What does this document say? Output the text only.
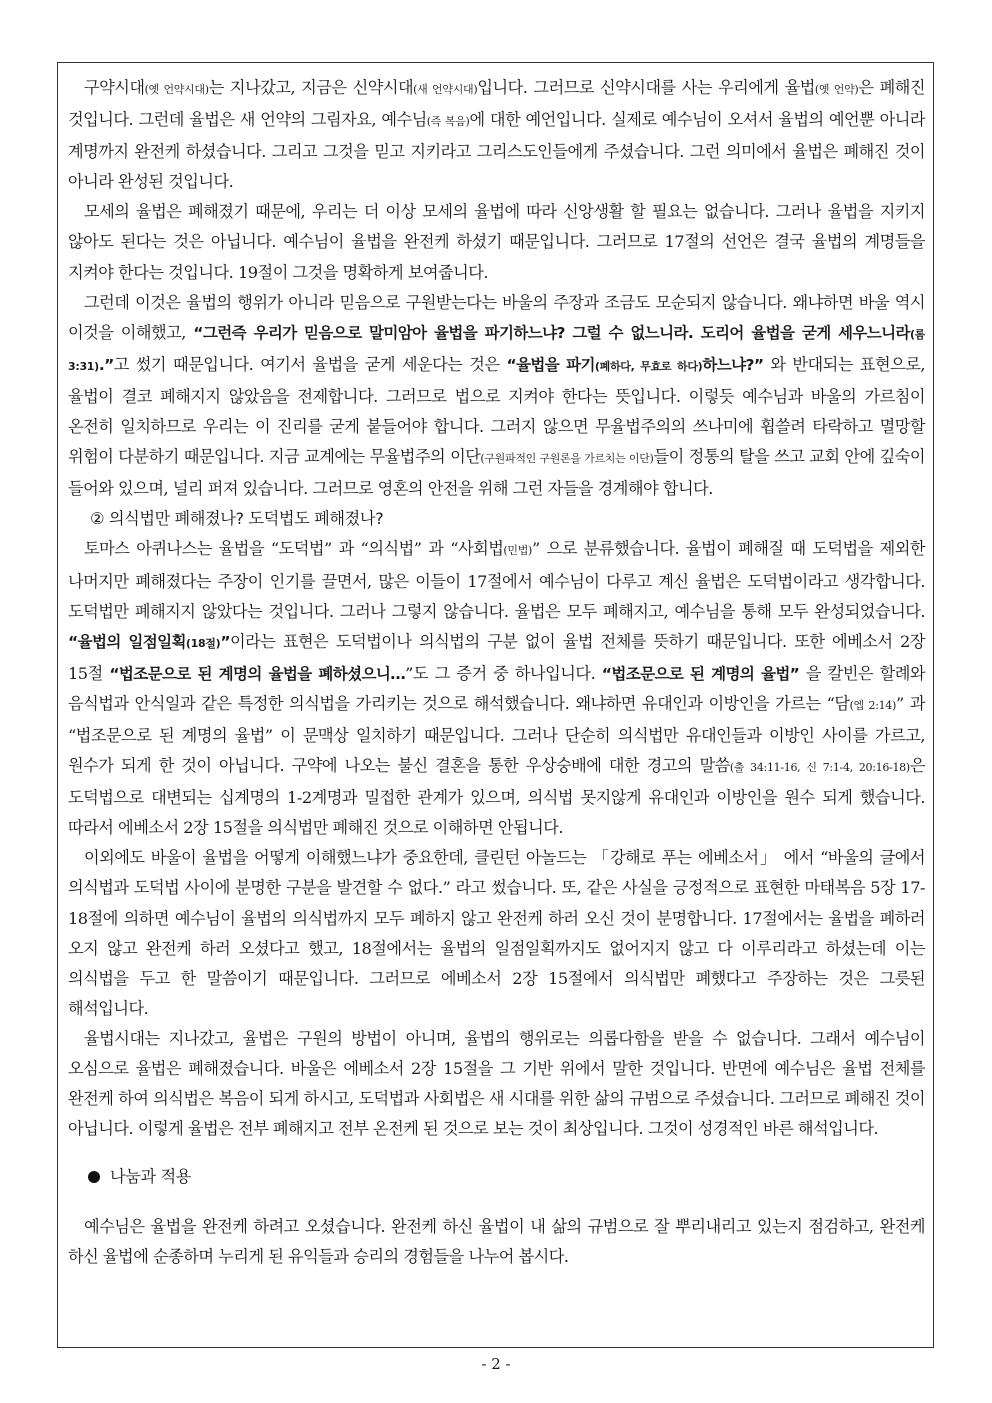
구약시대(옛 언약시대)는 지나갔고, 지금은 신약시대(새 언약시대)입니다. 그러므로 신약시대를 사는 우리에게 율법(옛 언약)은 폐해진 것입니다. 그런데 율법은 새 언약의 그림자요, 예수님(즉 복음)에 대한 예언입니다. 실제로 예수님이 오셔서 율법의 예언뿐 아니라 계명까지 완전케 하셨습니다. 그리고 그것을 믿고 지키라고 그리스도인들에게 주셨습니다. 그런 의미에서 율법은 폐해진 것이 아니라 완성된 것입니다.

모세의 율법은 폐해졌기 때문에, 우리는 더 이상 모세의 율법에 따라 신앙생활 할 필요는 없습니다. 그러나 율법을 지키지 않아도 된다는 것은 아닙니다. 예수님이 율법을 완전케 하셨기 때문입니다. 그러므로 17절의 선언은 결국 율법의 계명들을 지켜야 한다는 것입니다. 19절이 그것을 명확하게 보여줍니다.

그런데 이것은 율법의 행위가 아니라 믿음으로 구원받는다는 바울의 주장과 조금도 모순되지 않습니다. 왜냐하면 바울 역시 이것을 이해했고, “그런즉 우리가 믿음으로 말미암아 율법을 파기하느냐? 그럴 수 없느니라. 도리어 율법을 굳게 세우느니라(롬 3:31).”고 썼기 때문입니다. 여기서 율법을 굳게 세운다는 것은 “율법을 파기(폐하다, 무효로 하다)하느냐?” 와 반대되는 표현으로, 율법이 결코 폐해지지 않았음을 전제합니다. 그러므로 법으로 지켜야 한다는 뜻입니다. 이렇듯 예수님과 바울의 가르침이 온전히 일치하므로 우리는 이 진리를 굳게 붙들어야 합니다. 그러지 않으면 무율법주의의 쓰나미에 휩쓸려 타락하고 멸망할 위험이 다분하기 때문입니다. 지금 교계에는 무율법주의 이단(구원파적인 구원론을 가르치는 이단)들이 정통의 탈을 쓰고 교회 안에 깊숙이 들어와 있으며, 널리 퍼져 있습니다. 그러므로 영혼의 안전을 위해 그런 자들을 경계해야 합니다.

② 의식법만 폐해졌나? 도덕법도 폐해졌나?

토마스 아퀴나스는 율법을 “도덕법” 과 “의식법” 과 “사회법(민법)” 으로 분류했습니다. 율법이 폐해질 때 도덕법을 제외한 나머지만 폐해졌다는 주장이 인기를 끌면서, 많은 이들이 17절에서 예수님이 다루고 계신 율법은 도덕법이라고 생각합니다. 도덕법만 폐해지지 않았다는 것입니다. 그러나 그렇지 않습니다. 율법은 모두 폐해지고, 예수님을 통해 모두 완성되었습니다. “율법의 일점일획(18절)”이라는 표현은 도덕법이나 의식법의 구분 없이 율법 전체를 뜻하기 때문입니다. 또한 에베소서 2장 15절 “법조문으로 된 계명의 율법을 폐하셨으니…”도 그 증거 중 하나입니다. “법조문으로 된 계명의 율법” 을 칼빈은 할례와 음식법과 안식일과 같은 특정한 의식법을 가리키는 것으로 해석했습니다. 왜냐하면 유대인과 이방인을 가르는 “담(엡 2:14)” 과 “법조문으로 된 계명의 율법” 이 문맥상 일치하기 때문입니다. 그러나 단순히 의식법만 유대인들과 이방인 사이를 가르고, 원수가 되게 한 것이 아닙니다. 구약에 나오는 불신 결혼을 통한 우상숭배에 대한 경고의 말씀(출 34:11-16, 신 7:1-4, 20:16-18)은 도덕법으로 대변되는 십계명의 1-2계명과 밀접한 관계가 있으며, 의식법 못지않게 유대인과 이방인을 원수 되게 했습니다. 따라서 에베소서 2장 15절을 의식법만 폐해진 것으로 이해하면 안됩니다.

이외에도 바울이 율법을 어떻게 이해했느냐가 중요한데, 클린턴 아놀드는 「강해로 푸는 에베소서」 에서 “바울의 글에서 의식법과 도덕법 사이에 분명한 구분을 발견할 수 없다.” 라고 썼습니다. 또, 같은 사실을 긍정적으로 표현한 마태복음 5장 17-18절에 의하면 예수님이 율법의 의식법까지 모두 폐하지 않고 완전케 하러 오신 것이 분명합니다. 17절에서는 율법을 폐하러 오지 않고 완전케 하러 오셨다고 했고, 18절에서는 율법의 일점일획까지도 없어지지 않고 다 이루리라고 하셨는데 이는 의식법을 두고 한 말씀이기 때문입니다. 그러므로 에베소서 2장 15절에서 의식법만 폐했다고 주장하는 것은 그릇된 해석입니다.

율법시대는 지나갔고, 율법은 구원의 방법이 아니며, 율법의 행위로는 의롭다함을 받을 수 없습니다. 그래서 예수님이 오심으로 율법은 폐해졌습니다. 바울은 에베소서 2장 15절을 그 기반 위에서 말한 것입니다. 반면에 예수님은 율법 전체를 완전케 하여 의식법은 복음이 되게 하시고, 도덕법과 사회법은 새 시대를 위한 삶의 규범으로 주셨습니다. 그러므로 폐해진 것이 아닙니다. 이렇게 율법은 전부 폐해지고 전부 온전케 된 것으로 보는 것이 최상입니다. 그것이 성경적인 바른 해석입니다.

나눔과 적용

예수님은 율법을 완전케 하려고 오셨습니다. 완전케 하신 율법이 내 삶의 규범으로 잘 뿌리내리고 있는지 점검하고, 완전케 하신 율법에 순종하며 누리게 된 유익들과 승리의 경험들을 나누어 봅시다.

- 2 -
